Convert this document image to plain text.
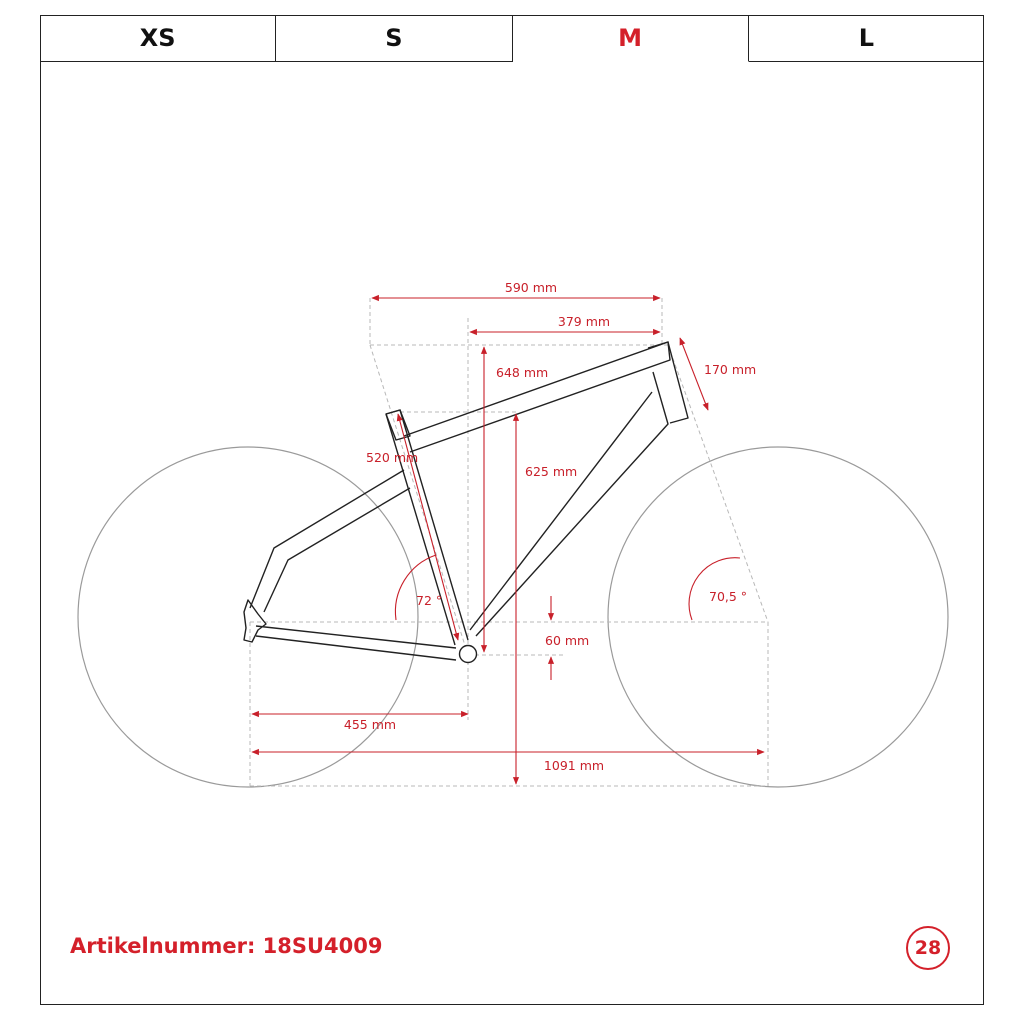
XS	S	M	L
590 mm
379 mm
648 mm	170 mm
520 mm
625 mm
72 °	70,5 °
60 mm
455 mm
1091 mm
Artikelnummer: 18SU4009	28
